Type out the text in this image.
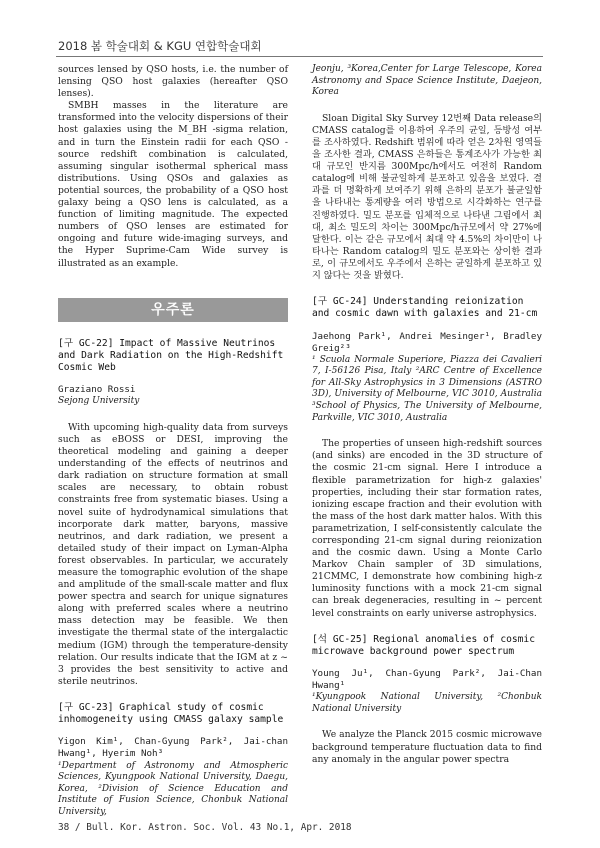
2018 봄 학술대회 & KGU 연합학술대회

sources lensed by QSO hosts, i.e. the number of lensing QSO host galaxies (hereafter QSO lenses).

SMBH masses in the literature are transformed into the velocity dispersions of their host galaxies using the M_BH -sigma relation, and in turn the Einstein radii for each QSO -source redshift combination is calculated, assuming singular isothermal spherical mass distributions. Using QSOs and galaxies as potential sources, the probability of a QSO host galaxy being a QSO lens is calculated, as a function of limiting magnitude. The expected numbers of QSO lenses are estimated for ongoing and future wide-imaging surveys, and the Hyper Suprime-Cam Wide survey is illustrated as an example.

우주론
[구 GC-22] Impact of Massive Neutrinos and Dark Radiation on the High-Redshift Cosmic Web

Graziano Rossi

Sejong University

With upcoming high-quality data from surveys such as eBOSS or DESI, improving the theoretical modeling and gaining a deeper understanding of the effects of neutrinos and dark radiation on structure formation at small scales are necessary, to obtain robust constraints free from systematic biases. Using a novel suite of hydrodynamical simulations that incorporate dark matter, baryons, massive neutrinos, and dark radiation, we present a detailed study of their impact on Lyman-Alpha forest observables. In particular, we accurately measure the tomographic evolution of the shape and amplitude of the small-scale matter and flux power spectra and search for unique signatures along with preferred scales where a neutrino mass detection may be feasible. We then investigate the thermal state of the intergalactic medium (IGM) through the temperature-density relation. Our results indicate that the IGM at z ~ 3 provides the best sensitivity to active and sterile neutrinos.

[구 GC-23] Graphical study of cosmic inhomogeneity using CMASS galaxy sample

Yigon Kim¹, Chan-Gyung Park², Jai-chan Hwang¹, Hyerim Noh³

¹Department of Astronomy and Atmospheric Sciences, Kyungpook National University, Daegu, Korea, ²Division of Science Education and Institute of Fusion Science, Chonbuk National University,

Jeonju, ³Korea,Center for Large Telescope, Korea Astronomy and Space Science Institute, Daejeon, Korea

Sloan Digital Sky Survey 12번째 Data release의 CMASS catalog를 이용하여 우주의 균일, 등방성 여부를 조사하였다. Redshift 범위에 따라 얻은 2차원 영역들을 조사한 결과, CMASS 은하들은 통계조사가 가능한 최대 규모인 반지름 300Mpc/h에서도 여전히 Random catalog에 비해 불균일하게 분포하고 있음을 보였다. 결과를 더 명확하게 보여주기 위해 은하의 분포가 불균일함을 나타내는 통계량을 여러 방법으로 시각화하는 연구를 진행하였다. 밀도 분포를 입체적으로 나타낸 그림에서 최대, 최소 밀도의 차이는 300Mpc/h규모에서 약 27%에 달한다. 이는 같은 규모에서 최대 약 4.5%의 차이만이 나타나는 Random catalog의 밀도 분포와는 상이한 결과로, 이 규모에서도 우주에서 은하는 균일하게 분포하고 있지 않다는 것을 밝혔다.

[구 GC-24] Understanding reionization and cosmic dawn with galaxies and 21-cm

Jaehong Park¹, Andrei Mesinger¹, Bradley Greig²³

¹ Scuola Normale Superiore, Piazza dei Cavalieri 7, I-56126 Pisa, Italy ²ARC Centre of Excellence for All-Sky Astrophysics in 3 Dimensions (ASTRO 3D), University of Melbourne, VIC 3010, Australia ³School of Physics, The University of Melbourne, Parkville, VIC 3010, Australia

The properties of unseen high-redshift sources (and sinks) are encoded in the 3D structure of the cosmic 21-cm signal. Here I introduce a flexible parametrization for high-z galaxies' properties, including their star formation rates, ionizing escape fraction and their evolution with the mass of the host dark matter halos. With this parametrization, I self-consistently calculate the corresponding 21-cm signal during reionization and the cosmic dawn. Using a Monte Carlo Markov Chain sampler of 3D simulations, 21CMMC, I demonstrate how combining high-z luminosity functions with a mock 21-cm signal can break degeneracies, resulting in ~ percent level constraints on early universe astrophysics.

[석 GC-25] Regional anomalies of cosmic microwave background power spectrum

Young Ju¹, Chan-Gyung Park², Jai-Chan Hwang¹

¹Kyungpook National University, ²Chonbuk National University

We analyze the Planck 2015 cosmic microwave background temperature fluctuation data to find any anomaly in the angular power spectra

38 / Bull. Kor. Astron. Soc. Vol. 43 No.1, Apr. 2018
